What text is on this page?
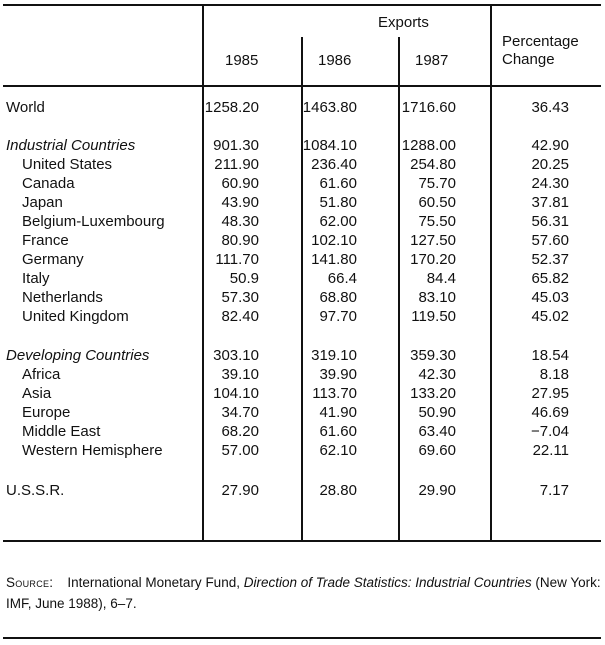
Exports
1985	1986	1987
Percentage
Change
World	1258.20	1463.80	1716.60	36.43
Industrial Countries	901.30	1084.10	1288.00	42.90
United States	211.90	236.40	254.80	20.25
Canada	60.90	61.60	75.70	24.30
Japan	43.90	51.80	60.50	37.81
Belgium-Luxembourg	48.30	62.00	75.50	56.31
France	80.90	102.10	127.50	57.60
Germany	111.70	141.80	170.20	52.37
Italy	50.9	66.4	84.4	65.82
Netherlands	57.30	68.80	83.10	45.03
United Kingdom	82.40	97.70	119.50	45.02
Developing Countries	303.10	319.10	359.30	18.54
Africa	39.10	39.90	42.30	8.18
Asia	104.10	113.70	133.20	27.95
Europe	34.70	41.90	50.90	46.69
Middle East	68.20	61.60	63.40	−7.04
Western Hemisphere	57.00	62.10	69.60	22.11
U.S.S.R.	27.90	28.80	29.90	7.17
Source: International Monetary Fund, Direction of Trade Statistics: Industrial Countries (New York: IMF, June 1988), 6–7.
